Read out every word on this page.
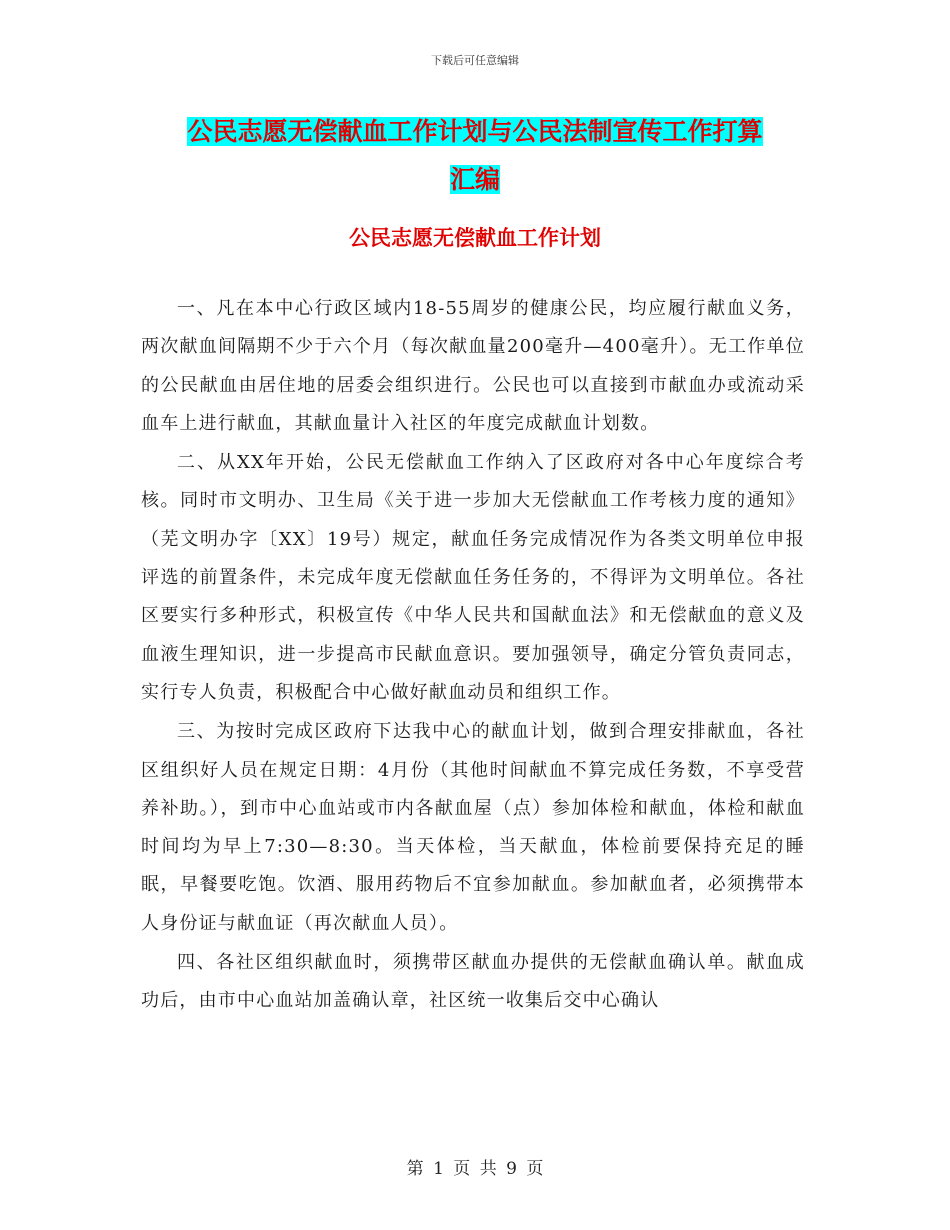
下载后可任意编辑
公民志愿无偿献血工作计划与公民法制宣传工作打算
汇编
公民志愿无偿献血工作计划

一、凡在本中心行政区域内18-55周岁的健康公民，均应履行献血义务，两次献血间隔期不少于六个月（每次献血量200毫升—400毫升）。无工作单位的公民献血由居住地的居委会组织进行。公民也可以直接到市献血办或流动采血车上进行献血，其献血量计入社区的年度完成献血计划数。

二、从XX年开始，公民无偿献血工作纳入了区政府对各中心年度综合考核。同时市文明办、卫生局《关于进一步加大无偿献血工作考核力度的通知》（芜文明办字〔XX〕19号）规定，献血任务完成情况作为各类文明单位申报评选的前置条件，未完成年度无偿献血任务任务的，不得评为文明单位。各社区要实行多种形式，积极宣传《中华人民共和国献血法》和无偿献血的意义及血液生理知识，进一步提高市民献血意识。要加强领导，确定分管负责同志，实行专人负责，积极配合中心做好献血动员和组织工作。

三、为按时完成区政府下达我中心的献血计划，做到合理安排献血，各社区组织好人员在规定日期：4月份（其他时间献血不算完成任务数，不享受营养补助。），到市中心血站或市内各献血屋（点）参加体检和献血，体检和献血时间均为早上7:30—8:30。当天体检，当天献血，体检前要保持充足的睡眠，早餐要吃饱。饮酒、服用药物后不宜参加献血。参加献血者，必须携带本人身份证与献血证（再次献血人员）。

四、各社区组织献血时，须携带区献血办提供的无偿献血确认单。献血成功后，由市中心血站加盖确认章，社区统一收集后交中心确认

第 1 页 共 9 页
